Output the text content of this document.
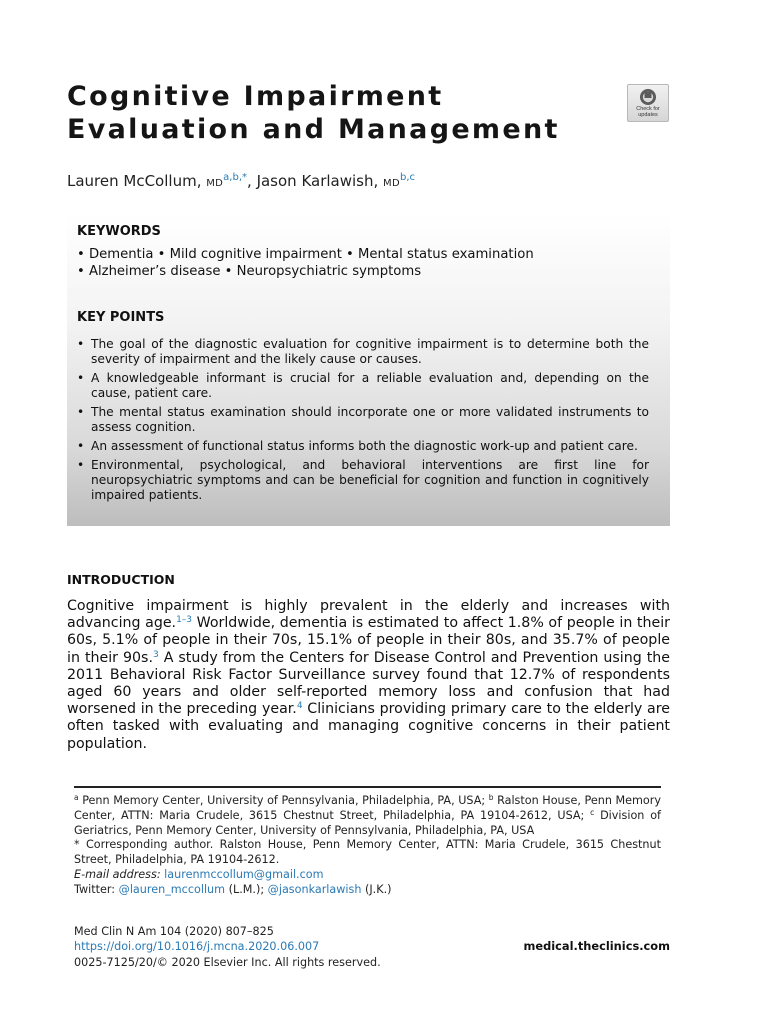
Cognitive Impairment
Evaluation and Management
Check for
updates
Lauren McCollum, $MD^{a,b,*}$, Jason Karlawish, MD$^{b,c}$
KEYWORDS
• Dementia • Mild cognitive impairment • Mental status examination
• Alzheimer’s disease • Neuropsychiatric symptoms
KEY POINTS
• The goal of the diagnostic evaluation for cognitive impairment is to determine both the severity of impairment and the likely cause or causes.
• A knowledgeable informant is crucial for a reliable evaluation and, depending on the cause, patient care.
• The mental status examination should incorporate one or more validated instruments to assess cognition.
• An assessment of functional status informs both the diagnostic work-up and patient care.
• Environmental, psychological, and behavioral interventions are first line for neuropsychiatric symptoms and can be beneficial for cognition and function in cognitively impaired patients.
INTRODUCTION

Cognitive impairment is highly prevalent in the elderly and increases with advancing age.$^{1-3}$ Worldwide, dementia is estimated to affect 1.8% of people in their 60s, 5.1% of people in their 70s, 15.1% of people in their 80s, and 35.7% of people in their 90s.$^3$ A study from the Centers for Disease Control and Prevention using the 2011 Behavioral Risk Factor Surveillance survey found that 12.7% of respondents aged 60 years and older self-reported memory loss and confusion that had worsened in the preceding year.$^4$ Clinicians providing primary care to the elderly are often tasked with evaluating and managing cognitive concerns in their patient population.

$^a$ Penn Memory Center, University of Pennsylvania, Philadelphia, PA, USA; $^b$ Ralston House, Penn Memory Center, ATTN: Maria Crudele, 3615 Chestnut Street, Philadelphia, PA 19104-2612, USA; $^c$ Division of Geriatrics, Penn Memory Center, University of Pennsylvania, Philadelphia, PA, USA

* Corresponding author. Ralston House, Penn Memory Center, ATTN: Maria Crudele, 3615 Chestnut Street, Philadelphia, PA 19104-2612.

E-mail address: laurenmccollum@gmail.com

Twitter: @lauren_mccollum (L.M.); @jasonkarlawish (J.K.)

Med Clin N Am 104 (2020) 807–825

https://doi.org/10.1016/j.mcna.2020.06.007

0025-7125/20/© 2020 Elsevier Inc. All rights reserved.

medical.theclinics.com
